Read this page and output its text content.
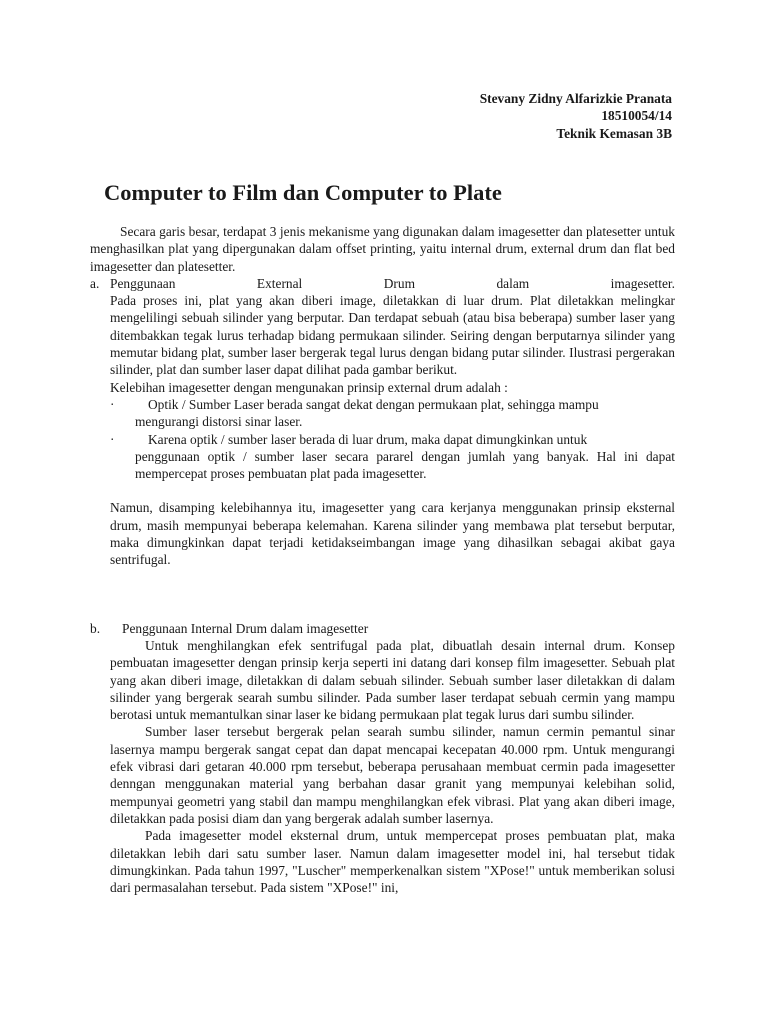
Stevany Zidny Alfarizkie Pranata
18510054/14
Teknik Kemasan 3B
Computer to Film dan Computer to Plate

Secara garis besar, terdapat 3 jenis mekanisme yang digunakan dalam imagesetter dan platesetter untuk menghasilkan plat yang dipergunakan dalam offset printing, yaitu internal drum, external drum dan flat bed imagesetter dan platesetter.

a. Penggunaan External Drum dalam imagesetter.

Pada proses ini, plat yang akan diberi image, diletakkan di luar drum. Plat diletakkan melingkar mengelilingi sebuah silinder yang berputar. Dan terdapat sebuah (atau bisa beberapa) sumber laser yang ditembakkan tegak lurus terhadap bidang permukaan silinder. Seiring dengan berputarnya silinder yang memutar bidang plat, sumber laser bergerak tegal lurus dengan bidang putar silinder. Ilustrasi pergerakan silinder, plat dan sumber laser dapat dilihat pada gambar berikut.

Kelebihan imagesetter dengan mengunakan prinsip external drum adalah :

·	Optik / Sumber Laser berada sangat dekat dengan permukaan plat, sehingga mampu

mengurangi distorsi sinar laser.

·	Karena optik / sumber laser berada di luar drum, maka dapat dimungkinkan untuk

penggunaan optik / sumber laser secara pararel dengan jumlah yang banyak. Hal ini dapat mempercepat proses pembuatan plat pada imagesetter.

Namun, disamping kelebihannya itu, imagesetter yang cara kerjanya menggunakan prinsip eksternal drum, masih mempunyai beberapa kelemahan. Karena silinder yang membawa plat tersebut berputar, maka dimungkinkan dapat terjadi ketidakseimbangan image yang dihasilkan sebagai akibat gaya sentrifugal.

b.	Penggunaan Internal Drum dalam imagesetter

Untuk menghilangkan efek sentrifugal pada plat, dibuatlah desain internal drum. Konsep pembuatan imagesetter dengan prinsip kerja seperti ini datang dari konsep film imagesetter. Sebuah plat yang akan diberi image, diletakkan di dalam sebuah silinder. Sebuah sumber laser diletakkan di dalam silinder yang bergerak searah sumbu silinder. Pada sumber laser terdapat sebuah cermin yang mampu berotasi untuk memantulkan sinar laser ke bidang permukaan plat tegak lurus dari sumbu silinder.

Sumber laser tersebut bergerak pelan searah sumbu silinder, namun cermin pemantul sinar lasernya mampu bergerak sangat cepat dan dapat mencapai kecepatan 40.000 rpm. Untuk mengurangi efek vibrasi dari getaran 40.000 rpm tersebut, beberapa perusahaan membuat cermin pada imagesetter denngan menggunakan material yang berbahan dasar granit yang mempunyai kelebihan solid, mempunyai geometri yang stabil dan mampu menghilangkan efek vibrasi. Plat yang akan diberi image, diletakkan pada posisi diam dan yang bergerak adalah sumber lasernya.

Pada imagesetter model eksternal drum, untuk mempercepat proses pembuatan plat, maka diletakkan lebih dari satu sumber laser. Namun dalam imagesetter model ini, hal tersebut tidak dimungkinkan. Pada tahun 1997, "Luscher" memperkenalkan sistem "XPose!" untuk memberikan solusi dari permasalahan tersebut. Pada sistem "XPose!" ini,
